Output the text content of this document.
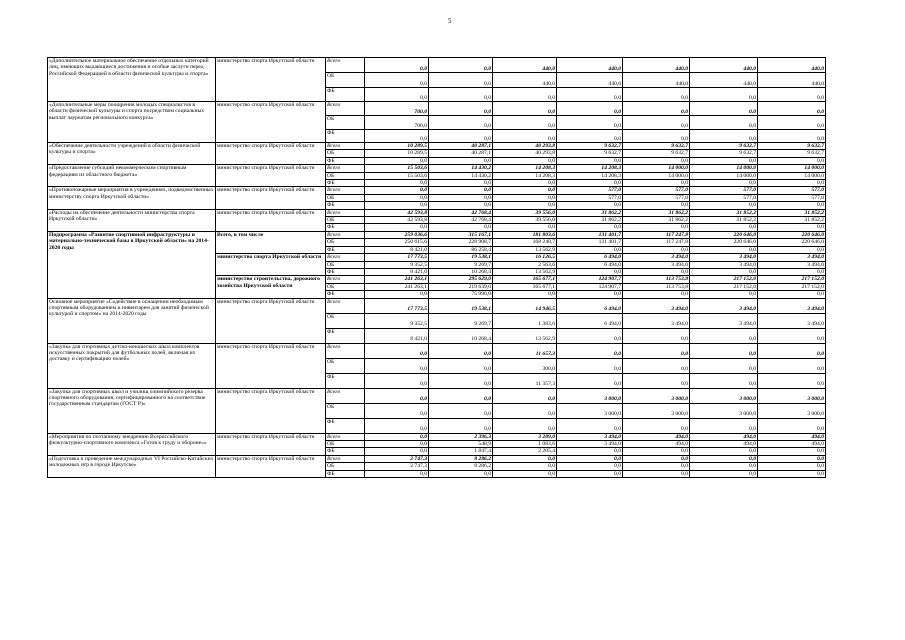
5
«Дополнительное материальное обеспечение отдельных категорий лиц, имеющих выдающиеся достижения и особые заслуги перед Российской Федерацией в области физической культуры и спорта»	министерство спорта Иркутской области	Всего	0,0	0,0	440,0	440,0	440,0	440,0	440,0
		ОБ	0,0	0,0	440,0	440,0	440,0	440,0	440,0
		ФБ	0,0	0,0	0,0	0,0	0,0	0,0	0,0
«Дополнительные меры поощрения молодых специалистов в области физической культуры и спорта посредством социальных выплат лауреатам регионального конкурса»	министерство спорта Иркутской области	Всего	700,0	0,0	0,0	0,0	0,0	0,0	0,0
		ОБ	700,0	0,0	0,0	0,0	0,0	0,0	0,0
		ФБ	0,0	0,0	0,0	0,0	0,0	0,0	0,0
«Обеспечение деятельности учреждений в области физической культуры и спорта»	министерство спорта Иркутской области	Всего	10 289,5	40 287,1	40 293,8	9 632,7	9 632,7	9 632,7	9 632,7
		ОБ	10 289,5	40 287,1	40 293,8	9 632,7	9 632,7	9 632,7	9 632,7
		ФБ	0,0	0,0	0,0	0,0	0,0	0,0	0,0
«Предоставление субсидий некоммерческим спортивным федерациям из областного бюджета»	министерство спорта Иркутской области	Всего	15 503,6	14 430,2	14 208,3	14 208,3	14 000,0	14 000,0	14 000,0
		ОБ	15 503,6	14 430,2	14 208,3	14 208,3	14 000,0	14 000,0	14 000,0
		ФБ	0,0	0,0	0,0	0,0	0,0	0,0	0,0
«Противопожарные мероприятия в учреждениях, подведомственных министерству спорта Иркутской области»	министерство спорта Иркутской области	Всего	0,0	0,0	0,0	577,0	577,0	577,0	577,0
		ОБ	0,0	0,0	0,0	577,0	577,0	577,0	577,0
		ФБ	0,0	0,0	0,0	0,0	0,0	0,0	0,0
«Расходы на обеспечение деятельности министерства спорта Иркутской области»	министерство спорта Иркутской области	Всего	42 593,8	42 768,4	39 556,0	31 862,2	31 862,2	31 852,2	31 852,2
		ОБ	42 593,8	42 768,4	39 556,0	31 862,2	31 862,2	31 852,2	31 852,2
		ФБ	0,0	0,0	0,0	0,0	0,0	0,0	0,0
Подпрограмма «Развитие спортивной инфраструктуры и материально-технической базы в Иркутской области» на 2014-2020 годы	Всего, в том числе	Всего	259 036,6	315 167,1	181 803,6	131 401,7	117 247,8	220 646,0	220 646,0
		ОБ	250 615,6	228 908,7	168 240,7	131 401,7	117 247,8	220 646,0	220 646,0
		ФБ	8 421,0	86 258,4	13 562,9	0,0	0,0	0,0	0,0
	министерство спорта Иркутской области	Всего	17 773,5	19 538,1	16 126,5	6 494,0	3 494,0	3 494,0	3 494,0
		ОБ	9 352,5	9 269,7	2 563,6	6 494,0	3 494,0	3 494,0	3 494,0
		ФБ	8 421,0	10 268,4	13 562,9	0,0	0,0	0,0	0,0
	министерство строительства, дорожного хозяйства Иркутской области	Всего	241 263,1	295 629,0	165 677,1	124 907,7	113 753,8	217 152,0	217 152,0
		ОБ	241 263,1	219 639,0	165 677,1	124 907,7	113 753,8	217 152,0	217 152,0
		ФБ	0,0	75 990,0	0,0	0,0	0,0	0,0	0,0
Основное мероприятие «Содействие в оснащении необходимым спортивным оборудованием и инвентарем для занятий физической культурой и спортом» на 2014-2020 годы	министерство спорта Иркутской области	Всего	17 773,5	19 538,1	14 946,5	6 494,0	3 494,0	3 494,0	3 494,0
		ОБ	9 352,5	9 269,7	1 383,6	6 494,0	3 494,0	3 494,0	3 494,0
		ФБ	8 421,0	10 268,4	13 562,9	0,0	0,0	0,0	0,0
«Закупка для спортивных детско-юношеских школ комплектов искусственных покрытий для футбольных полей, включая их доставку и сертификацию полей»	министерство спорта Иркутской области	Всего	0,0	0,0	11 657,3	0,0	0,0	0,0	0,0
		ОБ	0,0	0,0	300,0	0,0	0,0	0,0	0,0
		ФБ	0,0	0,0	11 357,3	0,0	0,0	0,0	0,0
«Закупка для спортивных школ и училищ олимпийского резерва спортивного оборудования, сертифицированного на соответствие государственным стандартам (ГОСТ Р)»	министерство спорта Иркутской области	Всего	0,0	0,0	0,0	3 000,0	3 000,0	3 000,0	3 000,0
		ОБ	0,0	0,0	0,0	3 000,0	3 000,0	3 000,0	3 000,0
		ФБ	0,0	0,0	0,0	0,0	0,0	0,0	0,0
«Мероприятия по поэтапному внедрению Всероссийского физкультурно-спортивного комплекса «Готов к труду и обороне»»	министерство спорта Иркутской области	Всего	0,0	2 396,3	3 289,0	3 494,0	494,0	494,0	494,0
		ОБ	0,0	548,9	1 083,6	3 494,0	494,0	494,0	494,0
		ФБ	0,0	1 847,4	2 205,4	0,0	0,0	0,0	0,0
«Подготовка и проведение международных VI Российско-Китайских молодежных игр в городе Иркутске»	министерство спорта Иркутской области	Всего	2 747,3	8 286,2	0,0	0,0	0,0	0,0	0,0
		ОБ	2 747,3	8 286,2	0,0	0,0	0,0	0,0	0,0
		ФБ	0,0	0,0	0,0	0,0	0,0	0,0	0,0
